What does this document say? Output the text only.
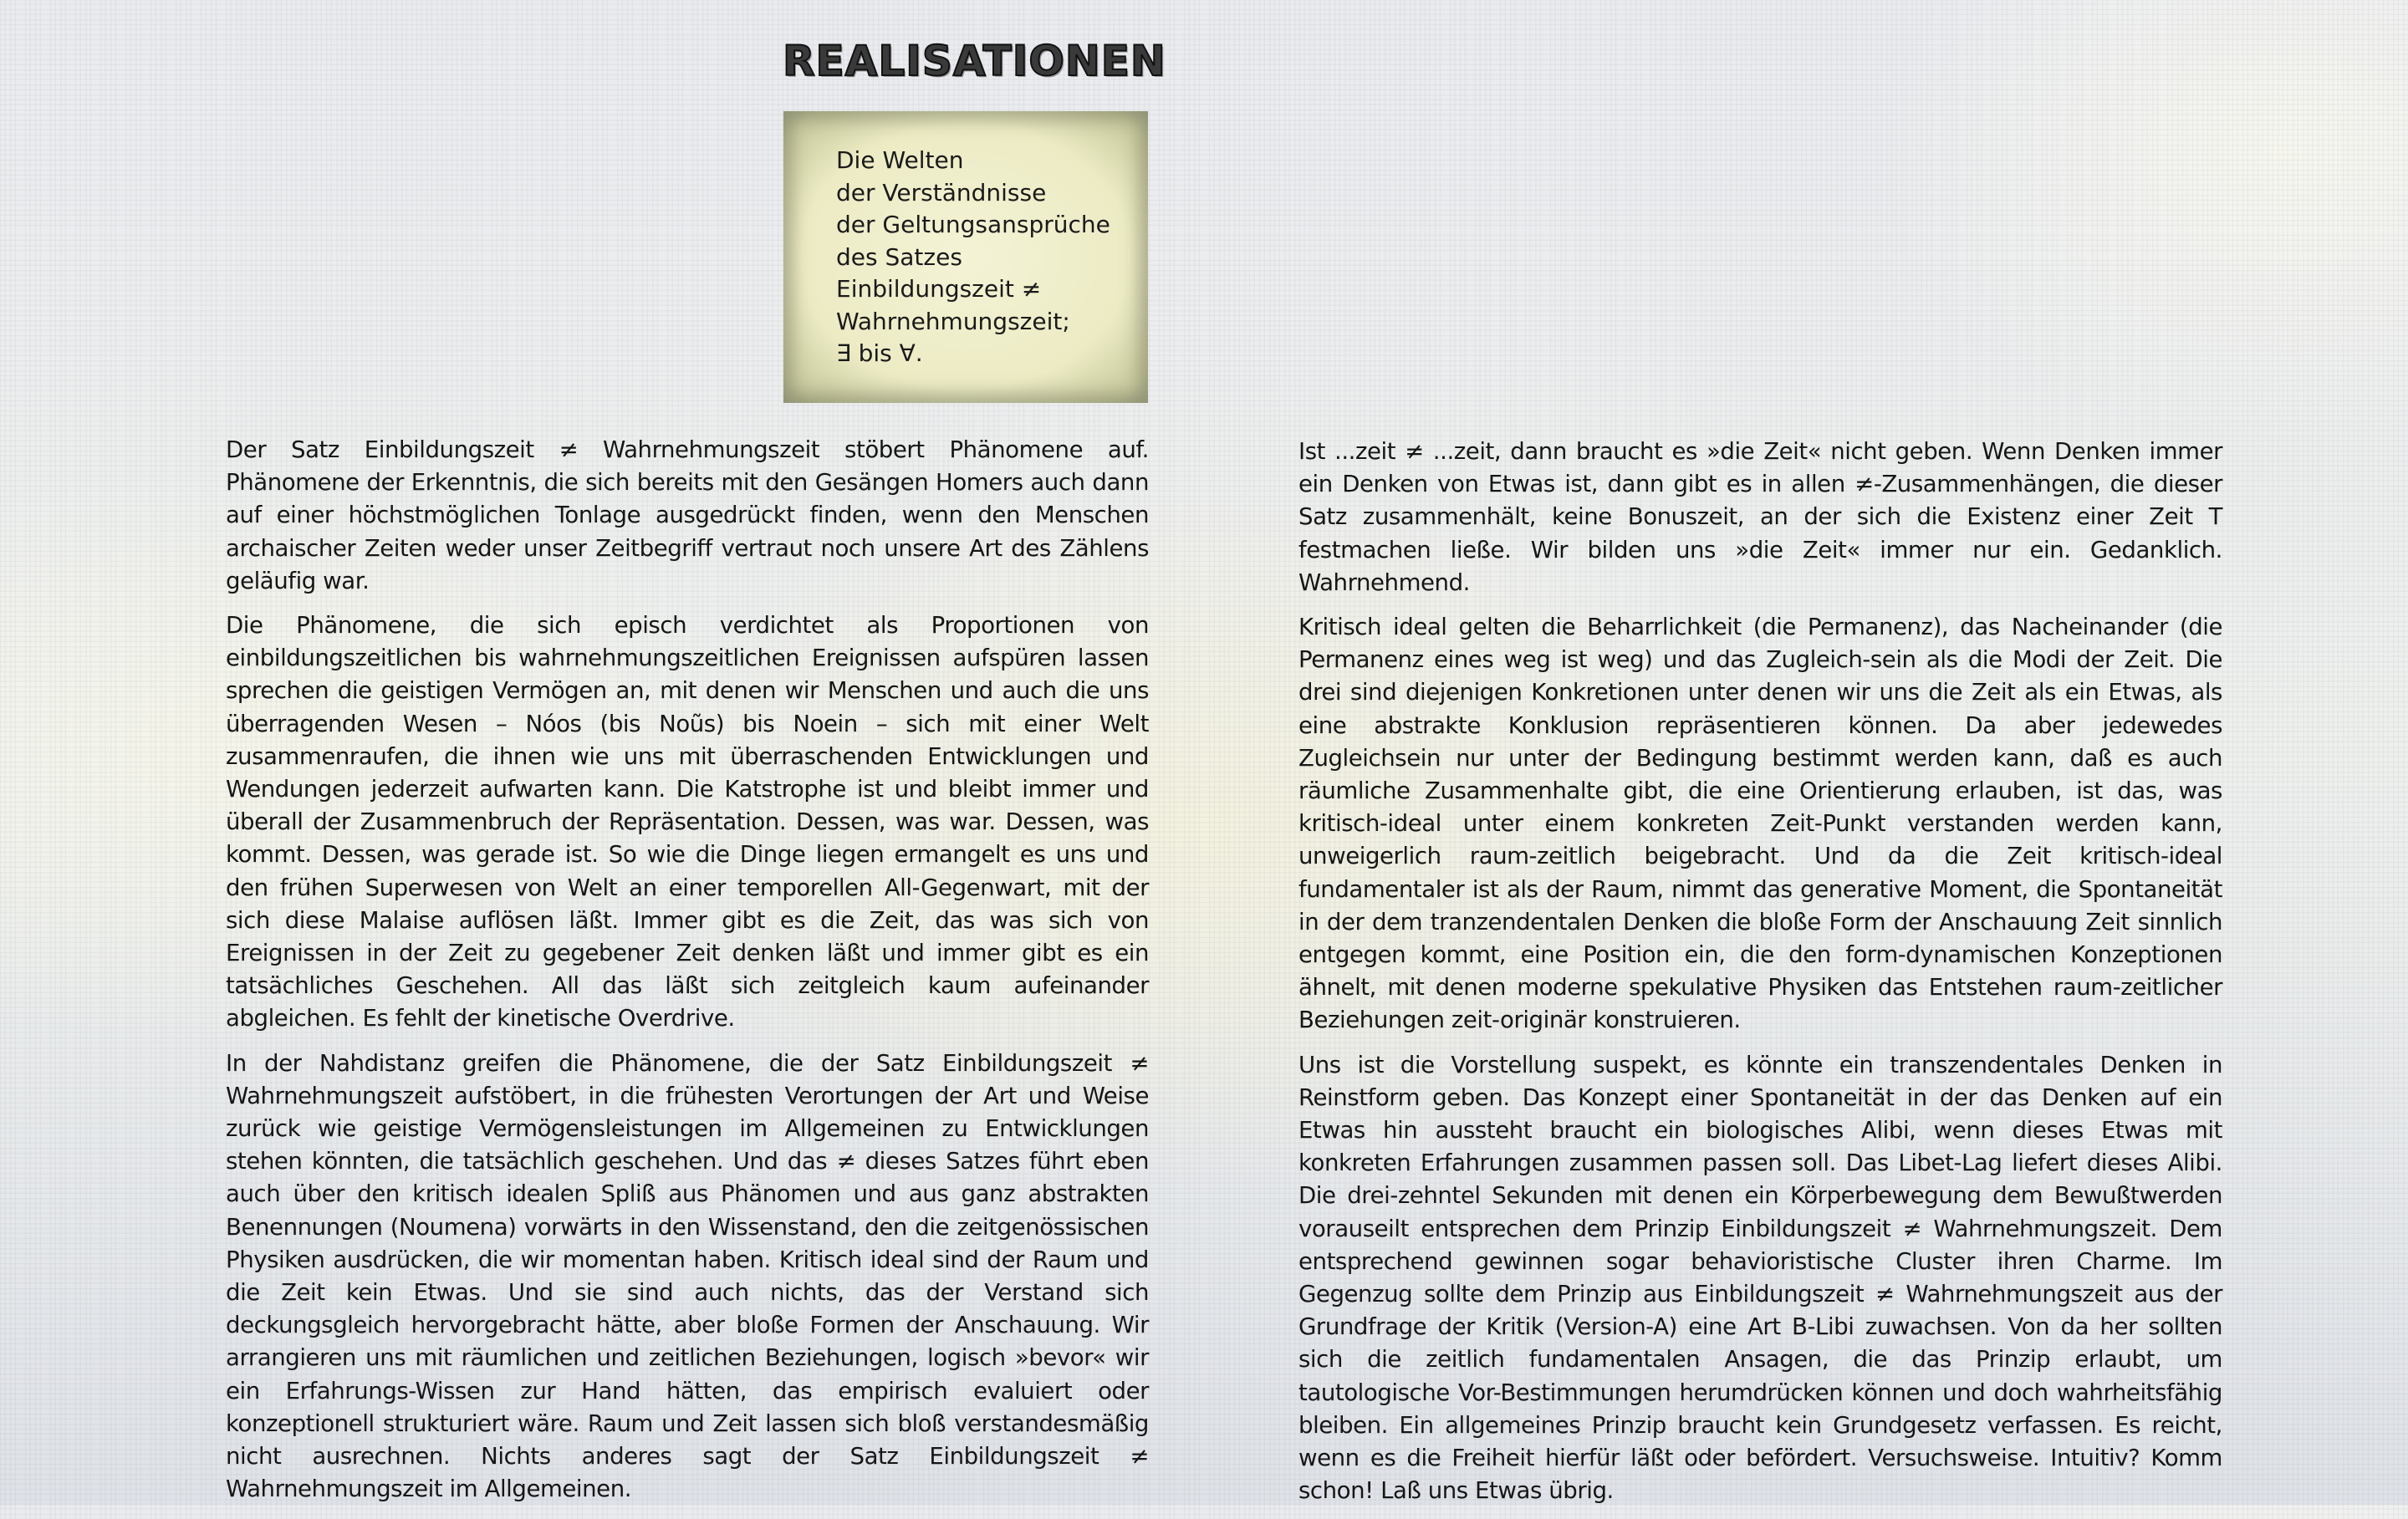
REALISATIONEN
Die Welten
der Verständnisse
der Geltungsansprüche
des Satzes
Einbildungszeit ≠
Wahrnehmungszeit;
∃ bis ∀.

Der Satz Einbildungszeit ≠ Wahrnehmungszeit stöbert Phänomene auf. Phänomene der Erkenntnis, die sich bereits mit den Gesängen Homers auch dann auf einer höchstmöglichen Tonlage ausgedrückt finden, wenn den Menschen archaischer Zeiten weder unser Zeitbegriff vertraut noch unsere Art des Zählens geläufig war.

Die Phänomene, die sich episch verdichtet als Proportionen von einbildungszeitlichen bis wahrnehmungszeitlichen Ereignissen aufspüren lassen sprechen die geistigen Vermögen an, mit denen wir Menschen und auch die uns überragenden Wesen – Nóos (bis Noũs) bis Noein – sich mit einer Welt zusammenraufen, die ihnen wie uns mit überraschenden Entwicklungen und Wendungen jederzeit aufwarten kann. Die Katstrophe ist und bleibt immer und überall der Zusammenbruch der Repräsentation. Dessen, was war. Dessen, was kommt. Dessen, was gerade ist. So wie die Dinge liegen ermangelt es uns und den frühen Superwesen von Welt an einer temporellen All-Gegenwart, mit der sich diese Malaise auflösen läßt. Immer gibt es die Zeit, das was sich von Ereignissen in der Zeit zu gegebener Zeit denken läßt und immer gibt es ein tatsächliches Geschehen. All das läßt sich zeitgleich kaum aufeinander abgleichen. Es fehlt der kinetische Overdrive.

In der Nahdistanz greifen die Phänomene, die der Satz Einbildungszeit ≠ Wahrnehmungszeit aufstöbert, in die frühesten Verortungen der Art und Weise zurück wie geistige Vermögensleistungen im Allgemeinen zu Entwicklungen stehen könnten, die tatsächlich geschehen. Und das ≠ dieses Satzes führt eben auch über den kritisch idealen Spliß aus Phänomen und aus ganz abstrakten Benennungen (Noumena) vorwärts in den Wissenstand, den die zeitgenössischen Physiken ausdrücken, die wir momentan haben. Kritisch ideal sind der Raum und die Zeit kein Etwas. Und sie sind auch nichts, das der Verstand sich deckungsgleich hervorgebracht hätte, aber bloße Formen der Anschauung. Wir arrangieren uns mit räumlichen und zeitlichen Beziehungen, logisch »bevor« wir ein Erfahrungs-Wissen zur Hand hätten, das empirisch evaluiert oder konzeptionell strukturiert wäre. Raum und Zeit lassen sich bloß verstandesmäßig nicht ausrechnen. Nichts anderes sagt der Satz Einbildungszeit ≠ Wahrnehmungszeit im Allgemeinen.

Ist ...zeit ≠ ...zeit, dann braucht es »die Zeit« nicht geben. Wenn Denken immer ein Denken von Etwas ist, dann gibt es in allen ≠-Zusammenhängen, die dieser Satz zusammenhält, keine Bonuszeit, an der sich die Existenz einer Zeit T festmachen ließe. Wir bilden uns »die Zeit« immer nur ein. Gedanklich. Wahrnehmend.

Kritisch ideal gelten die Beharrlichkeit (die Permanenz), das Nacheinander (die Permanenz eines weg ist weg) und das Zugleich-sein als die Modi der Zeit. Die drei sind diejenigen Konkretionen unter denen wir uns die Zeit als ein Etwas, als eine abstrakte Konklusion repräsentieren können. Da aber jedewedes Zugleichsein nur unter der Bedingung bestimmt werden kann, daß es auch räumliche Zusammenhalte gibt, die eine Orientierung erlauben, ist das, was kritisch-ideal unter einem konkreten Zeit-Punkt verstanden werden kann, unweigerlich raum-zeitlich beigebracht. Und da die Zeit kritisch-ideal fundamentaler ist als der Raum, nimmt das generative Moment, die Spontaneität in der dem tranzendentalen Denken die bloße Form der Anschauung Zeit sinnlich entgegen kommt, eine Position ein, die den form-dynamischen Konzeptionen ähnelt, mit denen moderne spekulative Physiken das Entstehen raum-zeitlicher Beziehungen zeit-originär konstruieren.

Uns ist die Vorstellung suspekt, es könnte ein transzendentales Denken in Reinstform geben. Das Konzept einer Spontaneität in der das Denken auf ein Etwas hin aussteht braucht ein biologisches Alibi, wenn dieses Etwas mit konkreten Erfahrungen zusammen passen soll. Das Libet-Lag liefert dieses Alibi. Die drei-zehntel Sekunden mit denen ein Körperbewegung dem Bewußtwerden vorauseilt entsprechen dem Prinzip Einbildungszeit ≠ Wahrnehmungszeit. Dem entsprechend gewinnen sogar behavioristische Cluster ihren Charme. Im Gegenzug sollte dem Prinzip aus Einbildungszeit ≠ Wahrnehmungszeit aus der Grundfrage der Kritik (Version-A) eine Art B-Libi zuwachsen. Von da her sollten sich die zeitlich fundamentalen Ansagen, die das Prinzip erlaubt, um tautologische Vor-Bestimmungen herumdrücken können und doch wahrheitsfähig bleiben. Ein allgemeines Prinzip braucht kein Grundgesetz verfassen. Es reicht, wenn es die Freiheit hierfür läßt oder befördert. Versuchsweise. Intuitiv? Komm schon! Laß uns Etwas übrig.
